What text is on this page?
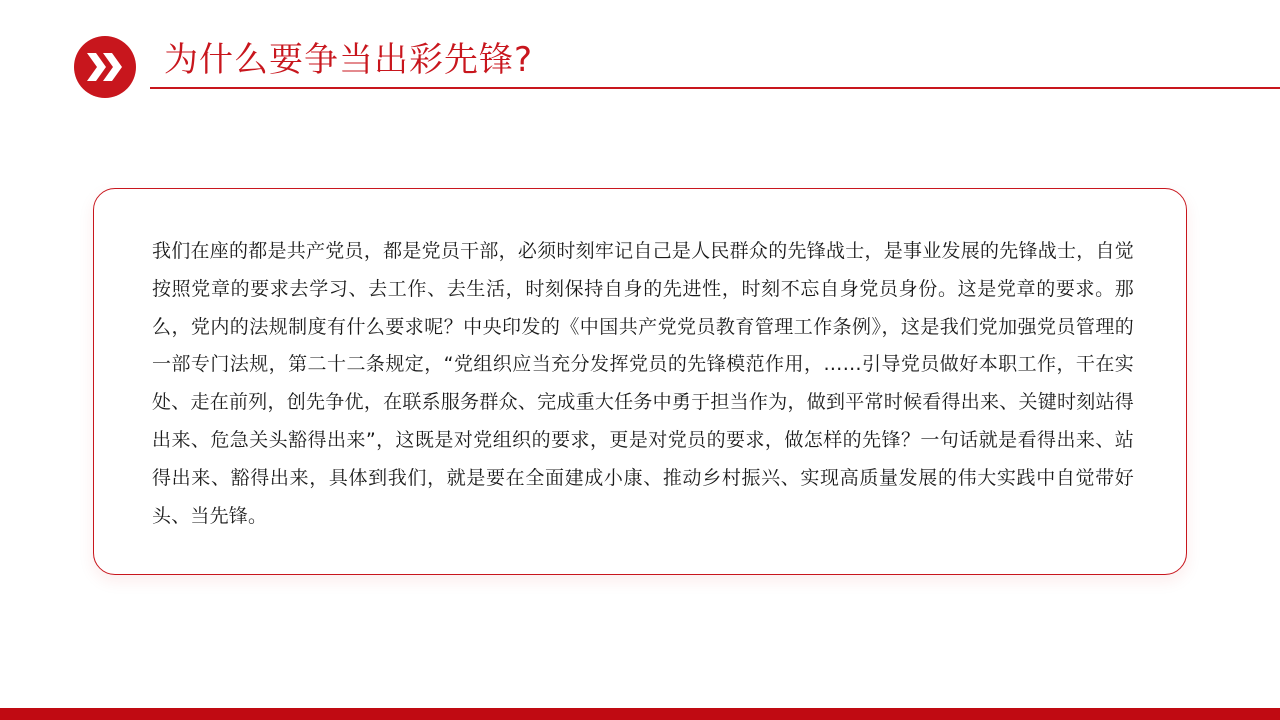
为什么要争当出彩先锋?

我们在座的都是共产党员，都是党员干部，必须时刻牢记自己是人民群众的先锋战士，是事业发展的先锋战士，自觉按照党章的要求去学习、去工作、去生活，时刻保持自身的先进性，时刻不忘自身党员身份。这是党章的要求。那么，党内的法规制度有什么要求呢？中央印发的《中国共产党党员教育管理工作条例》，这是我们党加强党员管理的一部专门法规，第二十二条规定，“党组织应当充分发挥党员的先锋模范作用，……引导党员做好本职工作，干在实处、走在前列，创先争优，在联系服务群众、完成重大任务中勇于担当作为，做到平常时候看得出来、关键时刻站得出来、危急关头豁得出来”，这既是对党组织的要求，更是对党员的要求，做怎样的先锋？一句话就是看得出来、站得出来、豁得出来，具体到我们，就是要在全面建成小康、推动乡村振兴、实现高质量发展的伟大实践中自觉带好头、当先锋。
